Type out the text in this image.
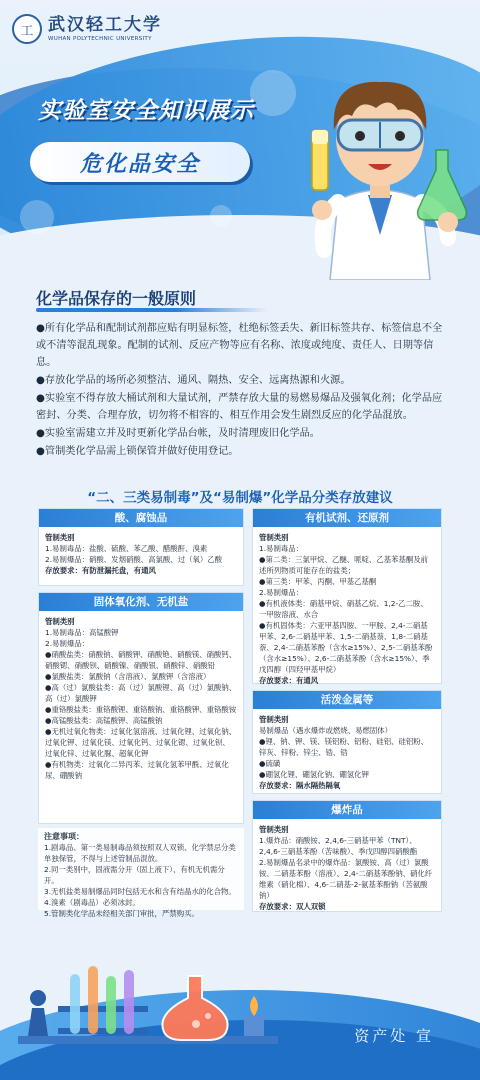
工 武汉轻工大学
WUHAN POLYTECHNIC UNIVERSITY
实验室安全知识展示
危化品安全
化学品保存的一般原则

●所有化学品和配制试剂都应贴有明显标签，杜绝标签丢失、新旧标签共存、标签信息不全或不清等混乱现象。配制的试剂、反应产物等应有名称、浓度或纯度、责任人、日期等信息。

●存放化学品的场所必须整洁、通风、隔热、安全、远离热源和火源。

●实验室不得存放大桶试剂和大量试剂，严禁存放大量的易燃易爆品及强氧化剂；化学品应密封、分类、合理存放，切勿将不相容的、相互作用会发生剧烈反应的化学品混放。

●实验室需建立并及时更新化学品台帐，及时清理废旧化学品。

●管制类化学品需上锁保管并做好使用登记。

“二、三类易制毒”及“易制爆”化学品分类存放建议
酸、腐蚀品

管制类别

1.易制毒品：盐酸、硫酸、苯乙酸、醋酸酐、溴素

2.易制爆品：硝酸、发烟硝酸、高氯酸、过（氧）乙酸

存放要求：有防泄漏托盘，有通风

固体氧化剂、无机盐

管制类别

1.易制毒品：高锰酸钾

2.易制爆品：

●硝酸盐类：硝酸钠、硝酸钾、硝酸铯、硝酸镁、硝酸钙、硝酸锶、硝酸钡、硝酸镍、硝酸银、硝酸锌、硝酸铅

●氯酸盐类：氯酸钠（含溶液）、氯酸钾（含溶液）

●高（过）氯酸盐类：高（过）氯酸锂、高（过）氯酸钠、高（过）氯酸钾

●重铬酸盐类：重铬酸锂、重铬酸钠、重铬酸钾、重铬酸铵

●高锰酸盐类：高锰酸钾、高锰酸钠

●无机过氧化物类：过氧化氢溶液、过氧化锂、过氧化钠、过氧化钾、过氧化镁、过氧化钙、过氧化锶、过氧化钡、过氧化锌、过氧化脲、超氧化钾

●有机物类：过氧化二异丙苯、过氧化氢苯甲酰、过氧化尿、硼酸钠

注意事项：

1.剧毒品、第一类易制毒品须按照双人双锁、化学禁忌分类单独保管，不得与上述管制品混放。

2.同一类别中，固液需分开（固上液下）、有机无机需分开。

3.无机盐类易制爆品同时包括无水和含有结晶水的化合物。

4.溴素（剧毒品）必须冰封。

5.管制类化学品未经相关部门审批，严禁购买。

有机试剂、还原剂

管制类别

1.易制毒品：

●第二类：三氯甲烷、乙醚、哌啶、乙基苯基酮及前述所列物质可能存在的盐类；

●第三类：甲苯、丙酮、甲基乙基酮

2.易制爆品：

●有机液体类：硝基甲烷、硝基乙烷、1,2-乙二胺、一甲胺溶液、水合

●有机固体类：六亚甲基四胺、一甲胺、2,4-二硝基甲苯、2,6-二硝基甲苯、1,5-二硝基萘、1,8-二硝基萘、2,4-二硝基苯酚（含水≥15%）、2,5-二硝基苯酚（含水≥15%）、2,6-二硝基苯酚（含水≥15%）、季戊四醇（四羟甲基甲烷）

存放要求：有通风

活泼金属等

管制类别

易制爆品（遇水爆炸或燃烧、易燃固体）

●锂、钠、钾、镁、镁铝粉、铝粉、硅铝、硅铝粉、锌灰、锌粉、锌尘、锆、锆

●硫磺

●硼氢化锂、硼氢化钠、硼氢化钾

存放要求：隔水隔热隔氧

爆炸品

管制类别

1.爆炸品：硝酸铵、2,4,6-三硝基甲苯（TNT）、2,4,6-三硝基苯酚（苦味酸）、季戊四醇四硝酸酯

2.易制爆品名录中的爆炸品：氯酸铵、高（过）氯酸铵、二硝基苯酚（溶液）、2,4-二硝基苯酚钠、硝化纤维素（硝化棉）、4,6-二硝基-2-氨基苯酚钠（苦氨酸钠）

存放要求：双人双锁

资产处 宣
